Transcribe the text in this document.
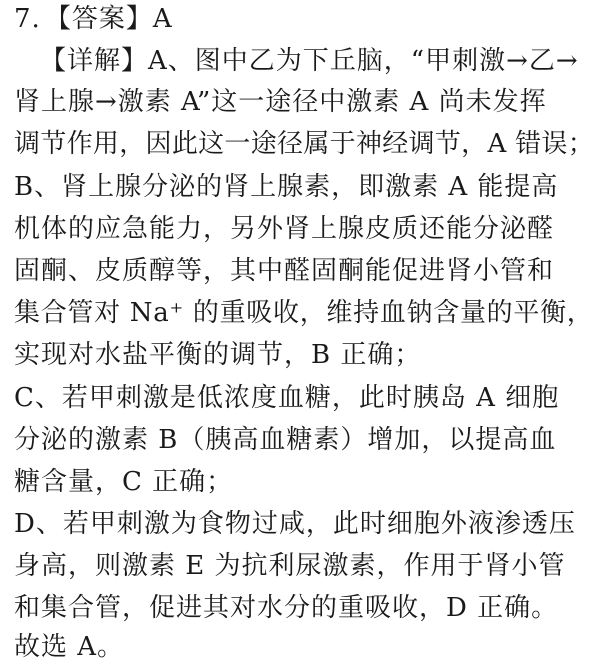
7. 【答案】A
【详解】A、图中乙为下丘脑，“甲刺激→乙→
肾上腺→激素 A”这一途径中激素 A 尚未发挥
调节作用，因此这一途径属于神经调节，A 错误；
B、肾上腺分泌的肾上腺素，即激素 A 能提高
机体的应急能力，另外肾上腺皮质还能分泌醛
固酮、皮质醇等，其中醛固酮能促进肾小管和
集合管对 Na⁺ 的重吸收，维持血钠含量的平衡，
实现对水盐平衡的调节，B 正确；
C、若甲刺激是低浓度血糖，此时胰岛 A 细胞
分泌的激素 B（胰高血糖素）增加，以提高血
糖含量，C 正确；
D、若甲刺激为食物过咸，此时细胞外液渗透压
身高，则激素 E 为抗利尿激素，作用于肾小管
和集合管，促进其对水分的重吸收，D 正确。
故选 A。
